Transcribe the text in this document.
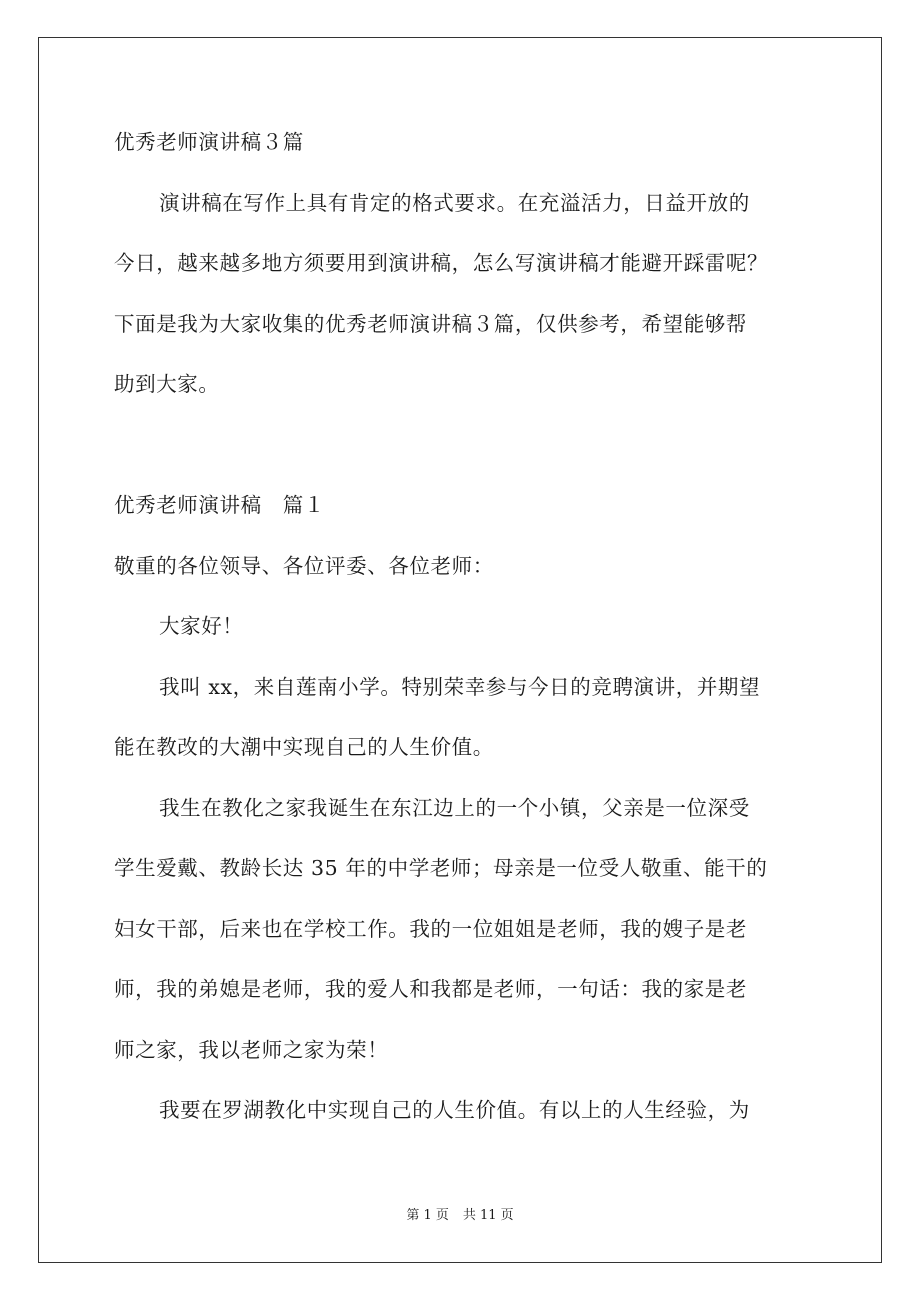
优秀老师演讲稿３篇
演讲稿在写作上具有肯定的格式要求。在充溢活力，日益开放的
今日，越来越多地方须要用到演讲稿，怎么写演讲稿才能避开踩雷呢？
下面是我为大家收集的优秀老师演讲稿３篇，仅供参考，希望能够帮
助到大家。
优秀老师演讲稿　篇１
敬重的各位领导、各位评委、各位老师：
大家好！
我叫 xx，来自莲南小学。特别荣幸参与今日的竞聘演讲，并期望
能在教改的大潮中实现自己的人生价值。
我生在教化之家我诞生在东江边上的一个小镇，父亲是一位深受
学生爱戴、教龄长达 35 年的中学老师；母亲是一位受人敬重、能干的
妇女干部，后来也在学校工作。我的一位姐姐是老师，我的嫂子是老
师，我的弟媳是老师，我的爱人和我都是老师，一句话：我的家是老
师之家，我以老师之家为荣！
我要在罗湖教化中实现自己的人生价值。有以上的人生经验，为
第 1 页 共 11 页
